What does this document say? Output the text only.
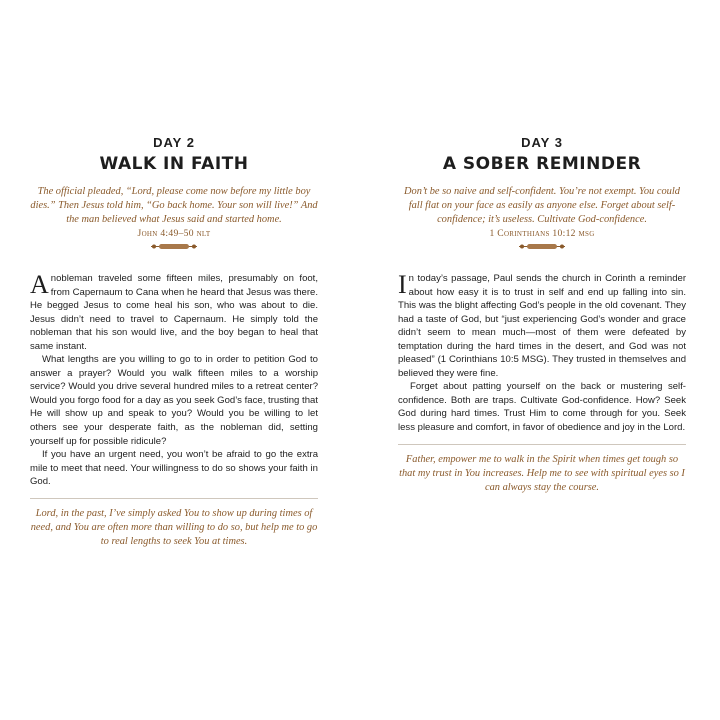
DAY 2
WALK IN FAITH
The official pleaded, “Lord, please come now before my little boy dies.” Then Jesus told him, “Go back home. Your son will live!” And the man believed what Jesus said and started home.
John 4:49–50 nlt

Anobleman traveled some fifteen miles, presumably on foot, from Capernaum to Cana when he heard that Jesus was there. He begged Jesus to come heal his son, who was about to die. Jesus didn’t need to travel to Capernaum. He simply told the nobleman that his son would live, and the boy began to heal that same instant.

What lengths are you willing to go to in order to petition God to answer a prayer? Would you walk fifteen miles to a worship service? Would you drive several hundred miles to a retreat center? Would you forgo food for a day as you seek God’s face, trusting that He will show up and speak to you? Would you be willing to let others see your desperate faith, as the nobleman did, setting yourself up for possible ridicule?

If you have an urgent need, you won’t be afraid to go the extra mile to meet that need. Your willingness to do so shows your faith in God.

Lord, in the past, I’ve simply asked You to show up during times of need, and You are often more than willing to do so, but help me to go to real lengths to seek You at times.
DAY 3
A SOBER REMINDER
Don’t be so naive and self-confident. You’re not exempt. You could fall flat on your face as easily as anyone else. Forget about self-confidence; it’s useless. Cultivate God-confidence.
1 Corinthians 10:12 msg

In today’s passage, Paul sends the church in Corinth a reminder about how easy it is to trust in self and end up falling into sin. This was the blight affecting God’s people in the old covenant. They had a taste of God, but “just experiencing God’s wonder and grace didn’t seem to mean much—most of them were defeated by temptation during the hard times in the desert, and God was not pleased” (1 Corinthians 10:5 MSG). They trusted in themselves and believed they were fine.

Forget about patting yourself on the back or mustering self-confidence. Both are traps. Cultivate God-confidence. How? Seek God during hard times. Trust Him to come through for you. Seek less pleasure and comfort, in favor of obedience and joy in the Lord.

Father, empower me to walk in the Spirit when times get tough so that my trust in You increases. Help me to see with spiritual eyes so I can always stay the course.
